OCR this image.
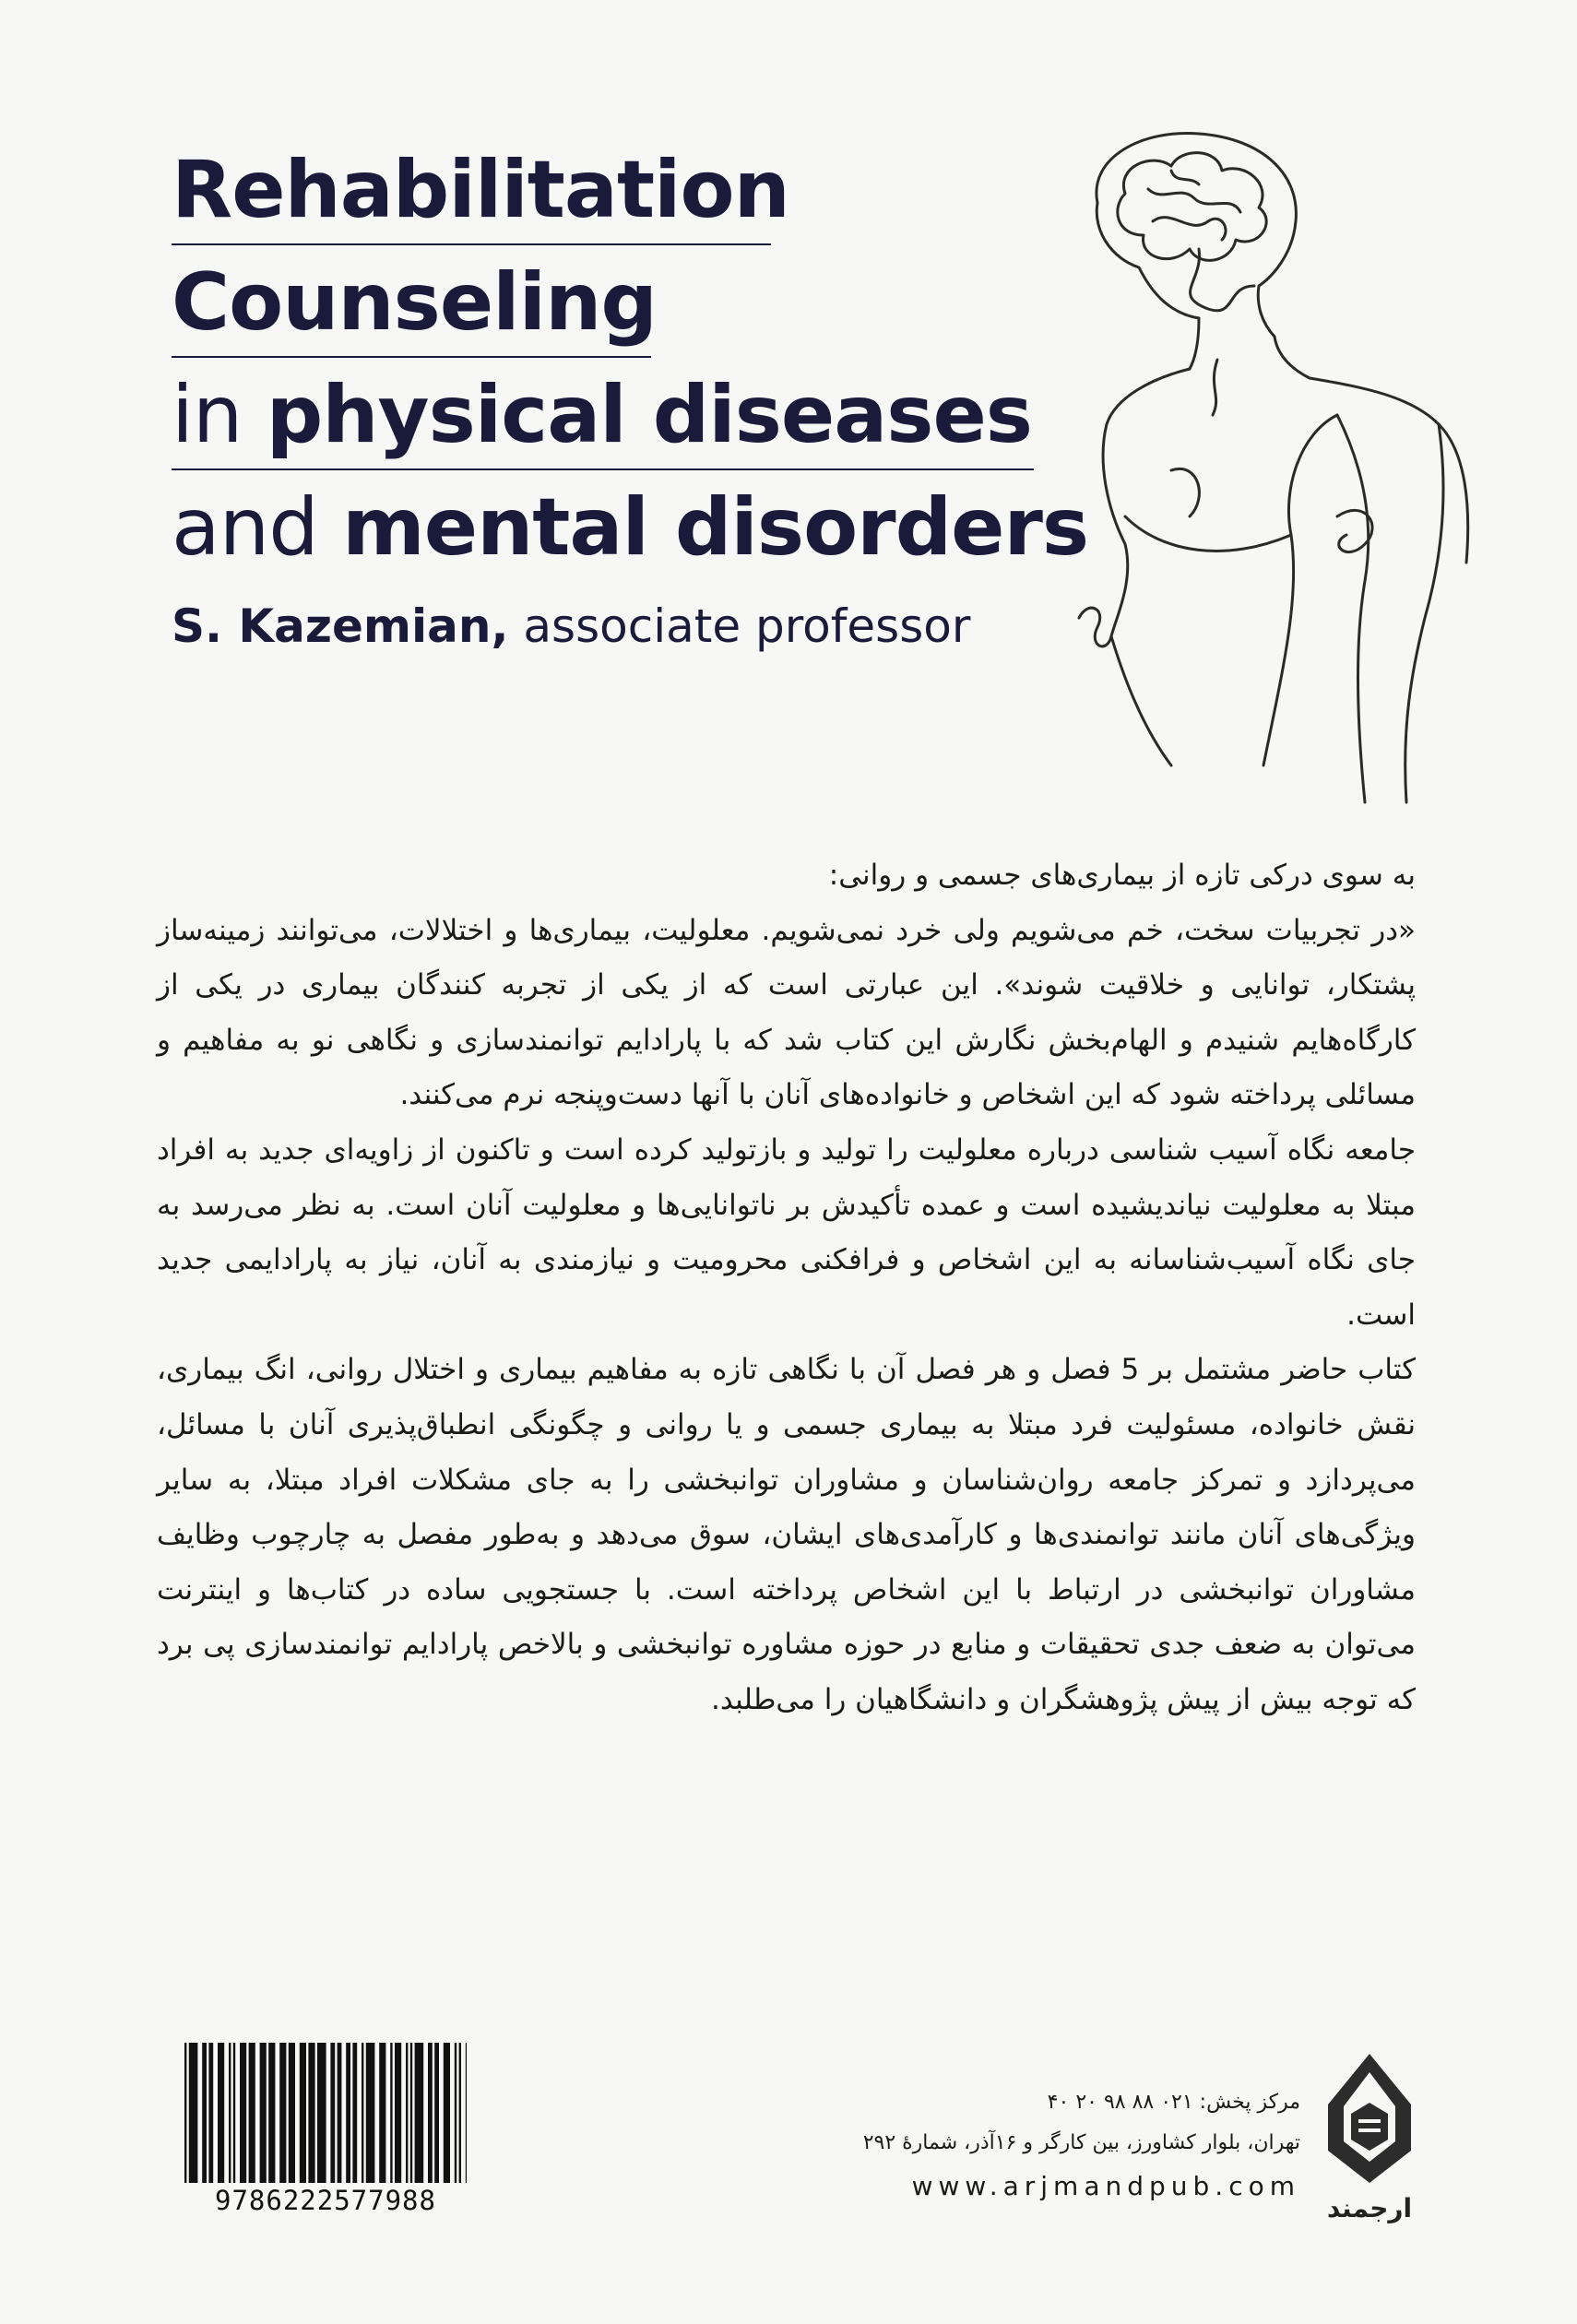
Rehabilitation
Counseling
in physical diseases
and mental disorders
S. Kazemian, associate professor

به سوی درکی تازه از بیماری‌های جسمی و روانی:

«در تجربیات سخت، خم می‌شویم ولی خرد نمی‌شویم. معلولیت، بیماری‌ها و اختلالات، می‌توانند زمینه‌ساز پشتکار، توانایی و خلاقیت شوند». این عبارتی است که از یکی از تجربه کنندگان بیماری در یکی از کارگاه‌هایم شنیدم و الهام‌بخش نگارش این کتاب شد که با پارادایم توانمندسازی و نگاهی نو به مفاهیم و مسائلی پرداخته شود که این اشخاص و خانواده‌های آنان با آنها دست‌وپنجه نرم می‌کنند.

جامعه نگاه آسیب شناسی درباره معلولیت را تولید و بازتولید کرده است و تاکنون از زاویه‌ای جدید به افراد مبتلا به معلولیت نیاندیشیده است و عمده تأکیدش بر ناتوانایی‌ها و معلولیت آنان است. به نظر می‌رسد به جای نگاه آسیب‌شناسانه به این اشخاص و فرافکنی محرومیت و نیازمندی به آنان، نیاز به پارادایمی جدید است.

کتاب حاضر مشتمل بر 5 فصل و هر فصل آن با نگاهی تازه به مفاهیم بیماری و اختلال روانی، انگ بیماری، نقش خانواده، مسئولیت فرد مبتلا به بیماری جسمی و یا روانی و چگونگی انطباق‌پذیری آنان با مسائل، می‌پردازد و تمرکز جامعه روان‌شناسان و مشاوران توانبخشی را به جای مشکلات افراد مبتلا، به سایر ویژگی‌های آنان مانند توانمندی‌ها و کارآمدی‌های ایشان، سوق می‌دهد و به‌طور مفصل به چارچوب وظایف مشاوران توانبخشی در ارتباط با این اشخاص پرداخته است. با جستجویی ساده در کتاب‌ها و اینترنت می‌توان به ضعف جدی تحقیقات و منابع در حوزه مشاوره توانبخشی و بالاخص پارادایم توانمندسازی پی برد که توجه بیش از پیش پژوهشگران و دانشگاهیان را می‌طلبد.

9786222577988
مرکز پخش: ۰۲۱ ۸۸ ۹۸ ۲۰ ۴۰
تهران، بلوار کشاورز، بین کارگر و ۱۶آذر، شمارهٔ ۲۹۲
www.arjmandpub.com
ارجمند
